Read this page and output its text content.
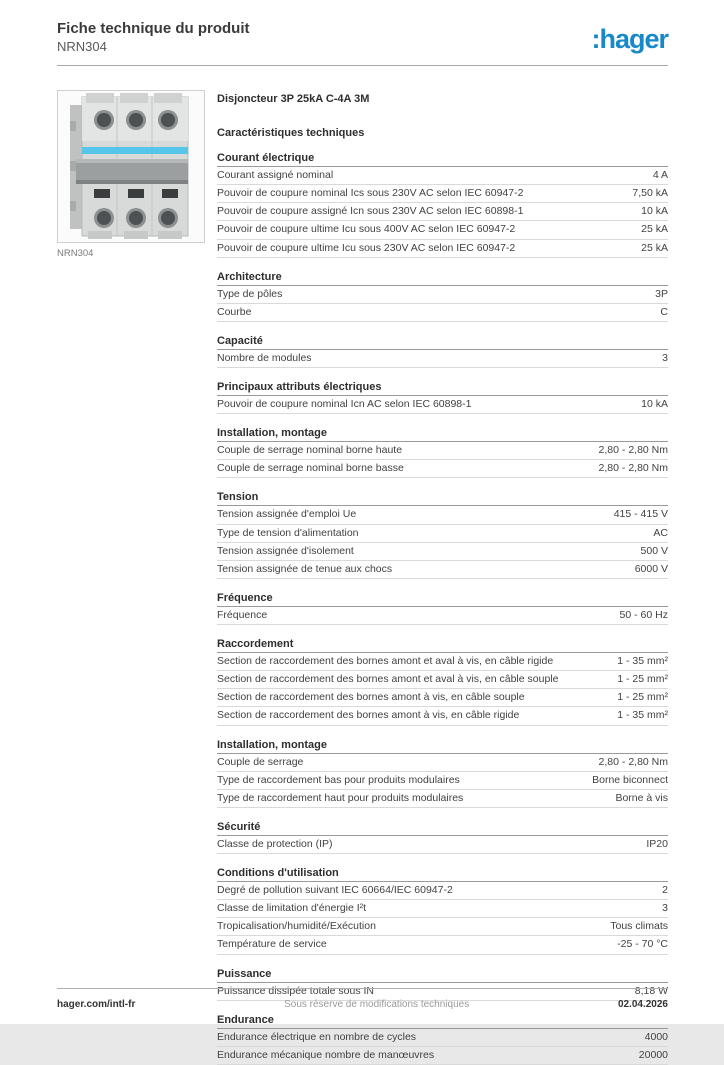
Fiche technique du produit
NRN304	:hager
NRN304
Disjoncteur 3P 25kA C-4A 3M
Caractéristiques techniques
Courant électrique
Courant assigné nominal	4 A
Pouvoir de coupure nominal Ics sous 230V AC selon IEC 60947-2	7,50 kA
Pouvoir de coupure assigné Icn sous 230V AC selon IEC 60898-1	10 kA
Pouvoir de coupure ultime Icu sous 400V AC selon IEC 60947-2	25 kA
Pouvoir de coupure ultime Icu sous 230V AC selon IEC 60947-2	25 kA
Architecture
Type de pôles	3P
Courbe	C
Capacité
Nombre de modules	3
Principaux attributs électriques
Pouvoir de coupure nominal Icn AC selon IEC 60898-1	10 kA
Installation, montage
Couple de serrage nominal borne haute	2,80 - 2,80 Nm
Couple de serrage nominal borne basse	2,80 - 2,80 Nm
Tension
Tension assignée d'emploi Ue	415 - 415 V
Type de tension d'alimentation	AC
Tension assignée d'isolement	500 V
Tension assignée de tenue aux chocs	6000 V
Fréquence
Fréquence	50 - 60 Hz
Raccordement
Section de raccordement des bornes amont et aval à vis, en câble rigide	1 - 35 mm²
Section de raccordement des bornes amont et aval à vis, en câble souple	1 - 25 mm²
Section de raccordement des bornes amont à vis, en câble souple	1 - 25 mm²
Section de raccordement des bornes amont à vis, en câble rigide	1 - 35 mm²
Installation, montage
Couple de serrage	2,80 - 2,80 Nm
Type de raccordement bas pour produits modulaires	Borne biconnect
Type de raccordement haut pour produits modulaires	Borne à vis
Sécurité
Classe de protection (IP)	IP20
Conditions d'utilisation
Degré de pollution suivant IEC 60664/IEC 60947-2	2
Classe de limitation d'énergie I²t	3
Tropicalisation/humidité/Exécution	Tous climats
Température de service	-25 - 70 °C
Puissance
Puissance dissipée totale sous IN	8,18 W
Endurance
Endurance électrique en nombre de cycles	4000
Endurance mécanique nombre de manœuvres	20000
hager.com/intl-fr	Sous réserve de modifications techniques	02.04.2026
